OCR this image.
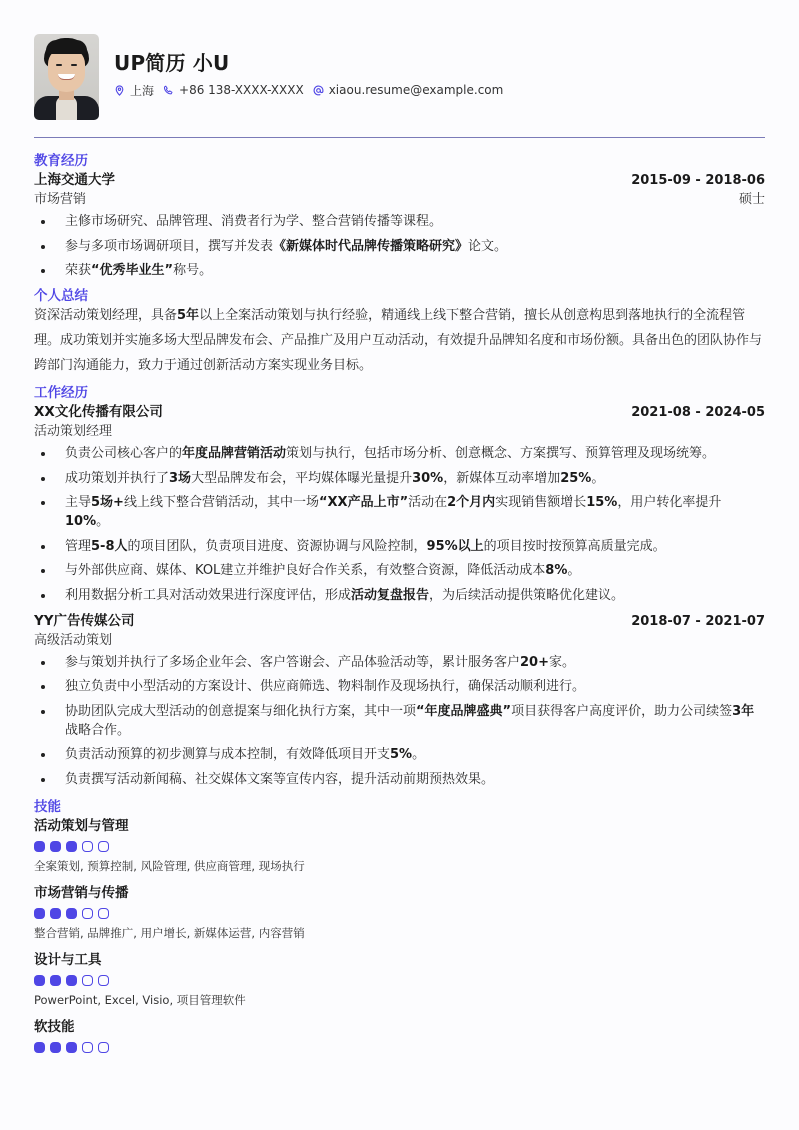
UP简历 小U
上海 +86 138-XXXX-XXXX xiaou.resume@example.com
教育经历
上海交通大学	2015-09 - 2018-06
市场营销	硕士
主修市场研究、品牌管理、消费者行为学、整合营销传播等课程。
参与多项市场调研项目，撰写并发表《新媒体时代品牌传播策略研究》论文。
荣获“优秀毕业生”称号。
个人总结
资深活动策划经理，具备5年以上全案活动策划与执行经验，精通线上线下整合营销，擅长从创意构思到落地执行的全流程管理。成功策划并实施多场大型品牌发布会、产品推广及用户互动活动，有效提升品牌知名度和市场份额。具备出色的团队协作与跨部门沟通能力，致力于通过创新活动方案实现业务目标。
工作经历
XX文化传播有限公司	2021-08 - 2024-05
活动策划经理
负责公司核心客户的年度品牌营销活动策划与执行，包括市场分析、创意概念、方案撰写、预算管理及现场统筹。
成功策划并执行了3场大型品牌发布会，平均媒体曝光量提升30%，新媒体互动率增加25%。
主导5场+线上线下整合营销活动，其中一场“XX产品上市”活动在2个月内实现销售额增长15%，用户转化率提升10%。
管理5-8人的项目团队，负责项目进度、资源协调与风险控制，95%以上的项目按时按预算高质量完成。
与外部供应商、媒体、KOL建立并维护良好合作关系，有效整合资源，降低活动成本8%。
利用数据分析工具对活动效果进行深度评估，形成活动复盘报告，为后续活动提供策略优化建议。
YY广告传媒公司	2018-07 - 2021-07
高级活动策划
参与策划并执行了多场企业年会、客户答谢会、产品体验活动等，累计服务客户20+家。
独立负责中小型活动的方案设计、供应商筛选、物料制作及现场执行，确保活动顺利进行。
协助团队完成大型活动的创意提案与细化执行方案，其中一项“年度品牌盛典”项目获得客户高度评价，助力公司续签3年战略合作。
负责活动预算的初步测算与成本控制，有效降低项目开支5%。
负责撰写活动新闻稿、社交媒体文案等宣传内容，提升活动前期预热效果。
技能
活动策划与管理
全案策划, 预算控制, 风险管理, 供应商管理, 现场执行
市场营销与传播
整合营销, 品牌推广, 用户增长, 新媒体运营, 内容营销
设计与工具
PowerPoint, Excel, Visio, 项目管理软件
软技能
